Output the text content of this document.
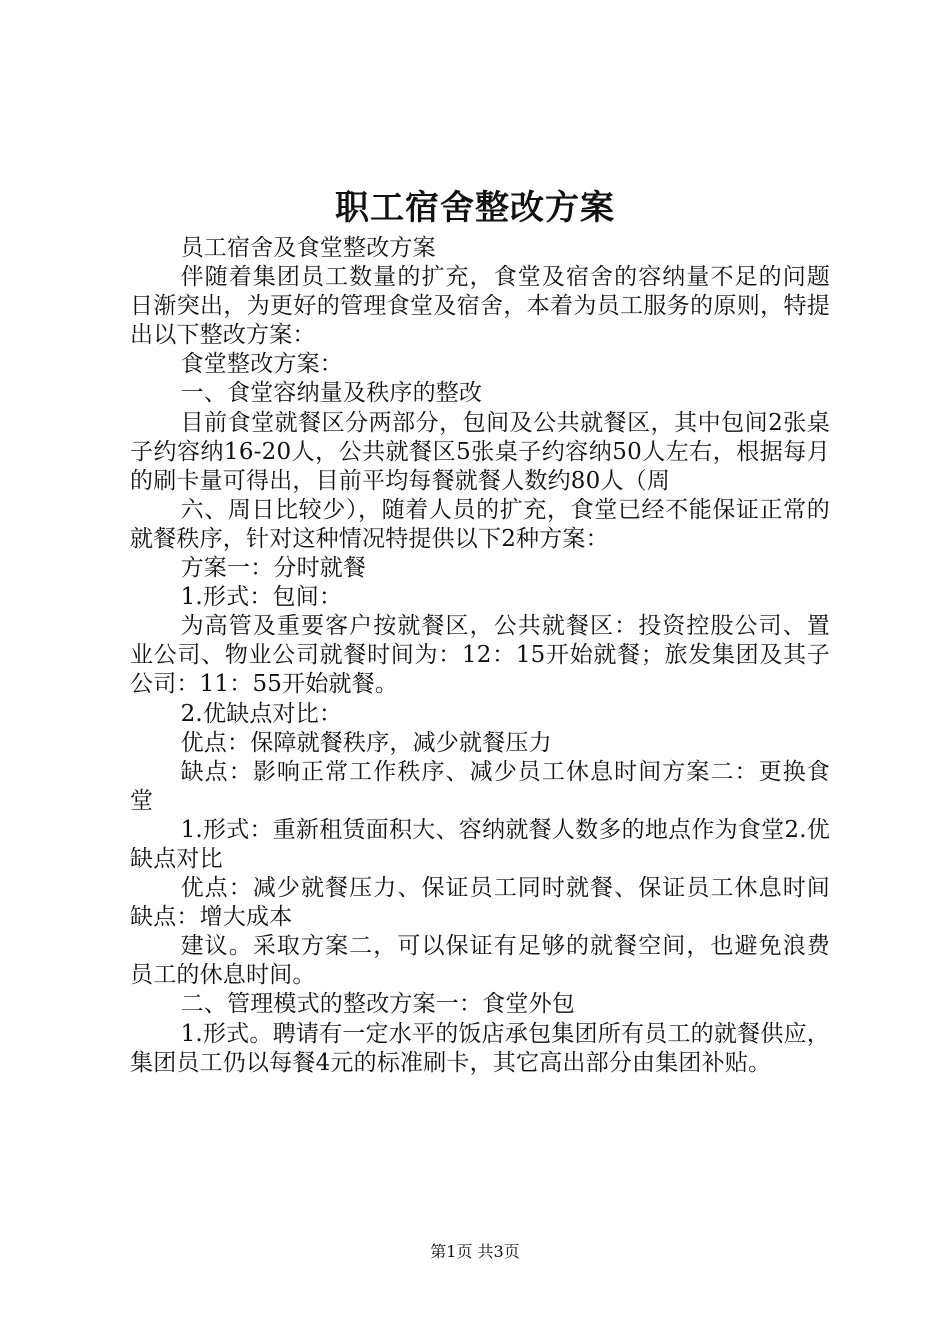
职工宿舍整改方案

员工宿舍及食堂整改方案

伴随着集团员工数量的扩充，食堂及宿舍的容纳量不足的问题日渐突出，为更好的管理食堂及宿舍，本着为员工服务的原则，特提出以下整改方案：

食堂整改方案：

一、食堂容纳量及秩序的整改

目前食堂就餐区分两部分，包间及公共就餐区，其中包间2张桌子约容纳16-20人，公共就餐区5张桌子约容纳50人左右，根据每月的刷卡量可得出，目前平均每餐就餐人数约80人（周

六、周日比较少），随着人员的扩充，食堂已经不能保证正常的就餐秩序，针对这种情况特提供以下2种方案：

方案一：分时就餐

1.形式：包间：

为高管及重要客户按就餐区，公共就餐区：投资控股公司、置业公司、物业公司就餐时间为：12：15开始就餐；旅发集团及其子公司：11：55开始就餐。

2.优缺点对比：

优点：保障就餐秩序，减少就餐压力

缺点：影响正常工作秩序、减少员工休息时间方案二：更换食堂

1.形式：重新租赁面积大、容纳就餐人数多的地点作为食堂2.优缺点对比

优点：减少就餐压力、保证员工同时就餐、保证员工休息时间缺点：增大成本

建议。采取方案二，可以保证有足够的就餐空间，也避免浪费员工的休息时间。

二、管理模式的整改方案一：食堂外包

1.形式。聘请有一定水平的饭店承包集团所有员工的就餐供应，集团员工仍以每餐4元的标准刷卡，其它高出部分由集团补贴。

第1页 共3页
